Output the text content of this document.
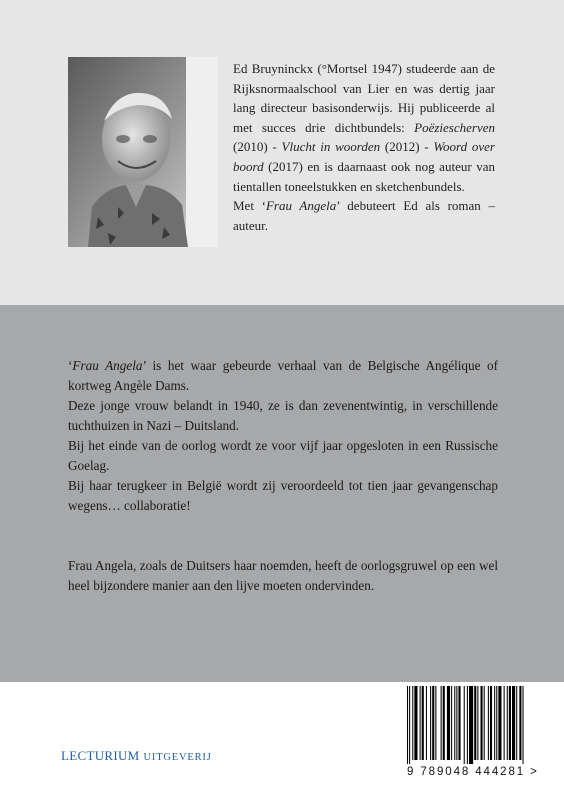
Ed Bruyninckx (°Mortsel 1947) studeerde aan de Rijksnormaalschool van Lier en was dertig jaar lang directeur basisonderwijs. Hij publiceerde al met succes drie dichtbundels: Poëziescherven (2010) - Vlucht in woorden (2012) - Woord over boord (2017) en is daarnaast ook nog auteur van tientallen toneelstukken en sketchenbundels.

Met ‘Frau Angela’ debuteert Ed als roman – auteur.

‘Frau Angela’ is het waar gebeurde verhaal van de Belgische Angélique of kortweg Angèle Dams.

Deze jonge vrouw belandt in 1940, ze is dan zevenentwintig, in verschillende tuchthuizen in Nazi – Duitsland.

Bij het einde van de oorlog wordt ze voor vijf jaar opgesloten in een Russische Goelag.

Bij haar terugkeer in België wordt zij veroordeeld tot tien jaar gevangenschap wegens… collaboratie!

Frau Angela, zoals de Duitsers haar noemden, heeft de oorlogsgruwel op een wel heel bijzondere manier aan den lijve moeten ondervinden.

LECTURIUM UITGEVERIJ
9 789048 444281 >
